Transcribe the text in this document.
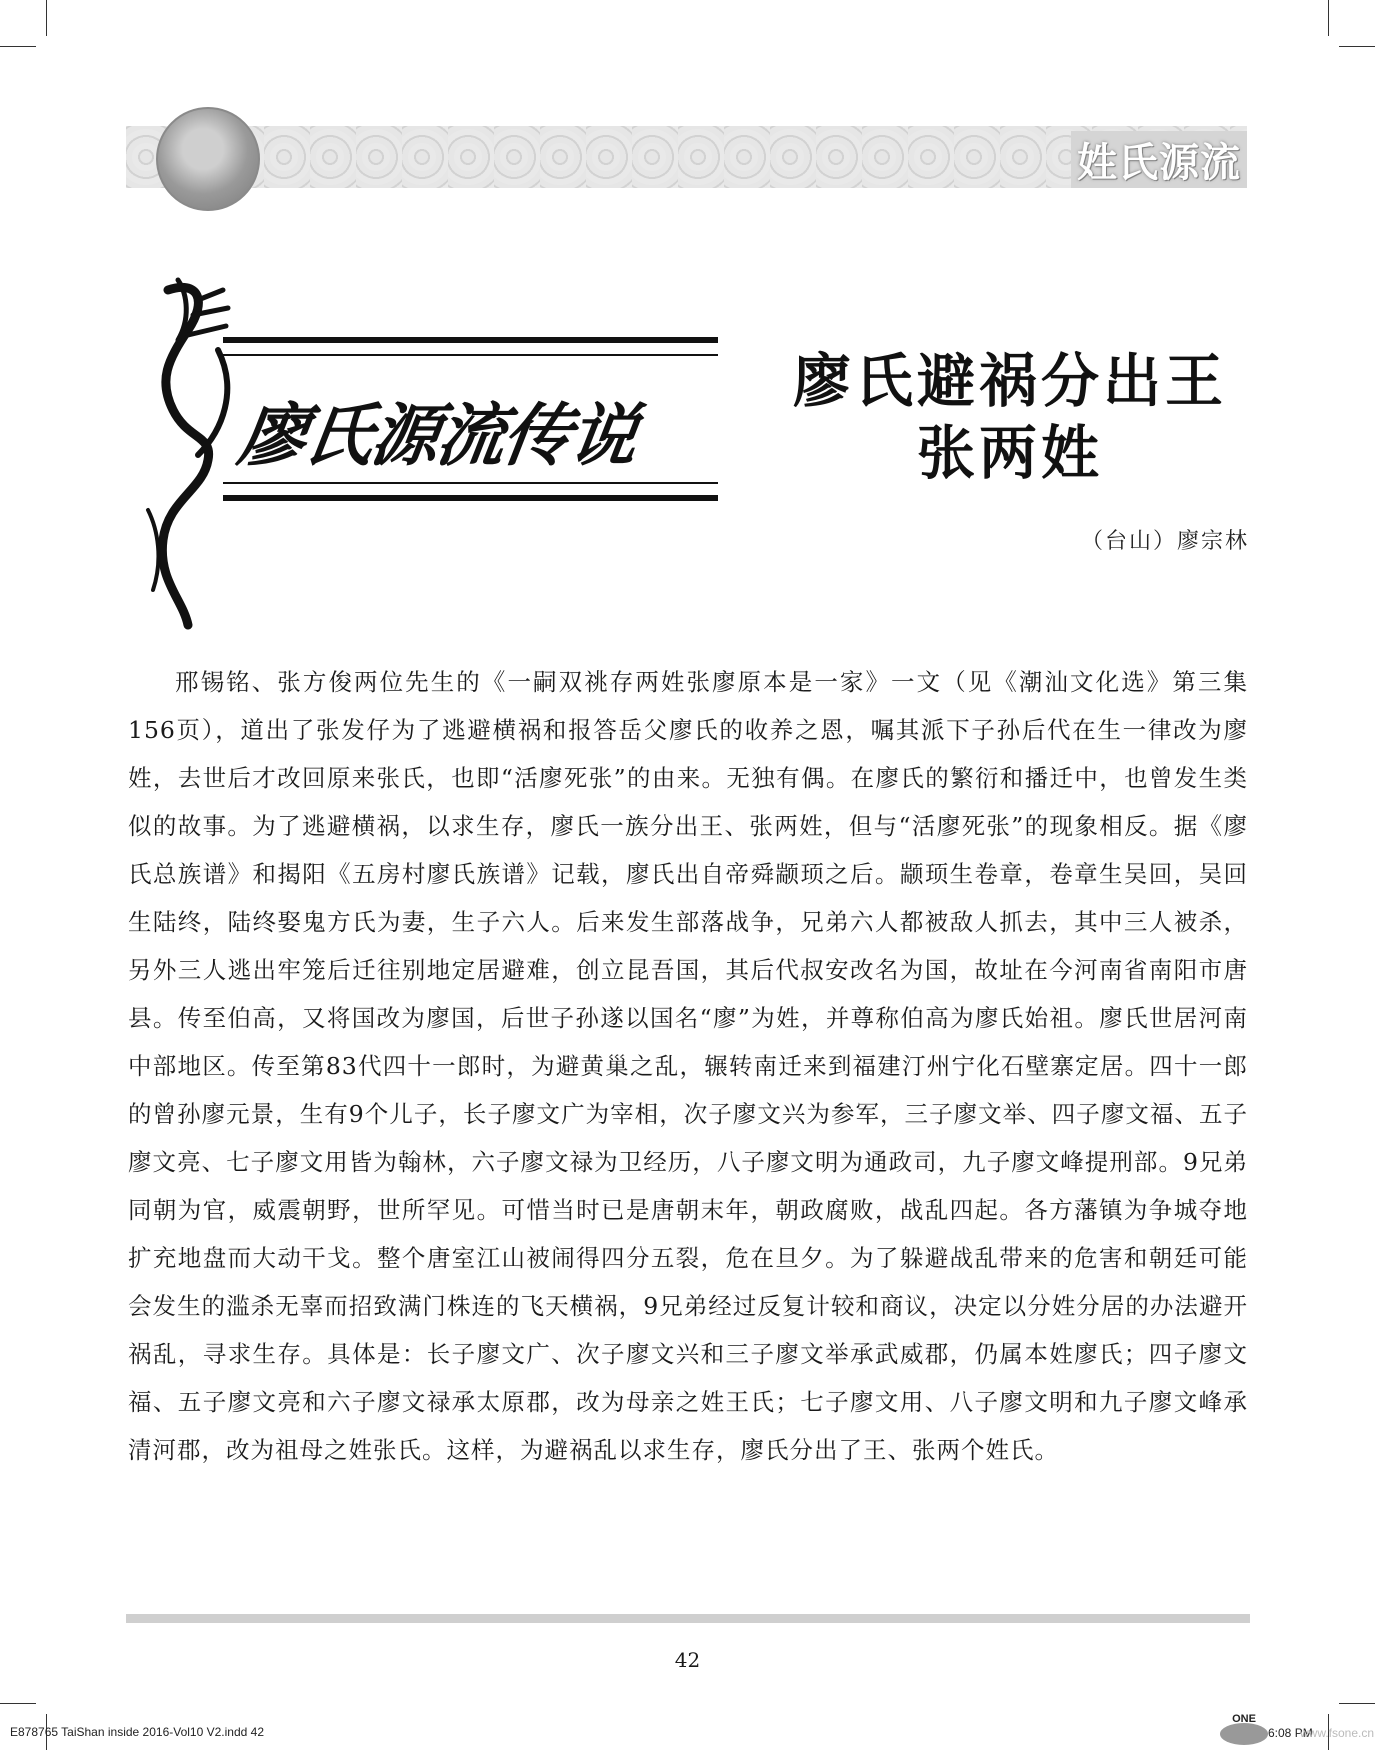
姓氏源流
廖氏源流传说
廖氏避祸分出王
张两姓
（台山）廖宗林
邢锡铭、张方俊两位先生的《一嗣双祧存两姓张廖原本是一家》一文（见《潮汕文化选》第三集156页），道出了张发仔为了逃避横祸和报答岳父廖氏的收养之恩，嘱其派下子孙后代在生一律改为廖姓，去世后才改回原来张氏，也即“活廖死张”的由来。无独有偶。在廖氏的繁衍和播迁中，也曾发生类似的故事。为了逃避横祸，以求生存，廖氏一族分出王、张两姓，但与“活廖死张”的现象相反。据《廖氏总族谱》和揭阳《五房村廖氏族谱》记载，廖氏出自帝舜颛顼之后。颛顼生卷章，卷章生吴回，吴回生陆终，陆终娶鬼方氏为妻，生子六人。后来发生部落战争，兄弟六人都被敌人抓去，其中三人被杀，另外三人逃出牢笼后迁往别地定居避难，创立昆吾国，其后代叔安改名为国，故址在今河南省南阳市唐县。传至伯高，又将国改为廖国，后世子孙遂以国名“廖”为姓，并尊称伯高为廖氏始祖。廖氏世居河南中部地区。传至第83代四十一郎时，为避黄巢之乱，辗转南迁来到福建汀州宁化石壁寨定居。四十一郎的曾孙廖元景，生有9个儿子，长子廖文广为宰相，次子廖文兴为参军，三子廖文举、四子廖文福、五子廖文亮、七子廖文用皆为翰林，六子廖文禄为卫经历，八子廖文明为通政司，九子廖文峰提刑部。9兄弟同朝为官，威震朝野，世所罕见。可惜当时已是唐朝末年，朝政腐败，战乱四起。各方藩镇为争城夺地扩充地盘而大动干戈。整个唐室江山被闹得四分五裂，危在旦夕。为了躲避战乱带来的危害和朝廷可能会发生的滥杀无辜而招致满门株连的飞天横祸，9兄弟经过反复计较和商议，决定以分姓分居的办法避开祸乱，寻求生存。具体是：长子廖文广、次子廖文兴和三子廖文举承武威郡，仍属本姓廖氏；四子廖文福、五子廖文亮和六子廖文禄承太原郡，改为母亲之姓王氏；七子廖文用、八子廖文明和九子廖文峰承清河郡，改为祖母之姓张氏。这样，为避祸乱以求生存，廖氏分出了王、张两个姓氏。
42
E878765 TaiShan inside 2016-Vol10 V2.indd 42
ONE
6:08 PM
www.fsone.cn
